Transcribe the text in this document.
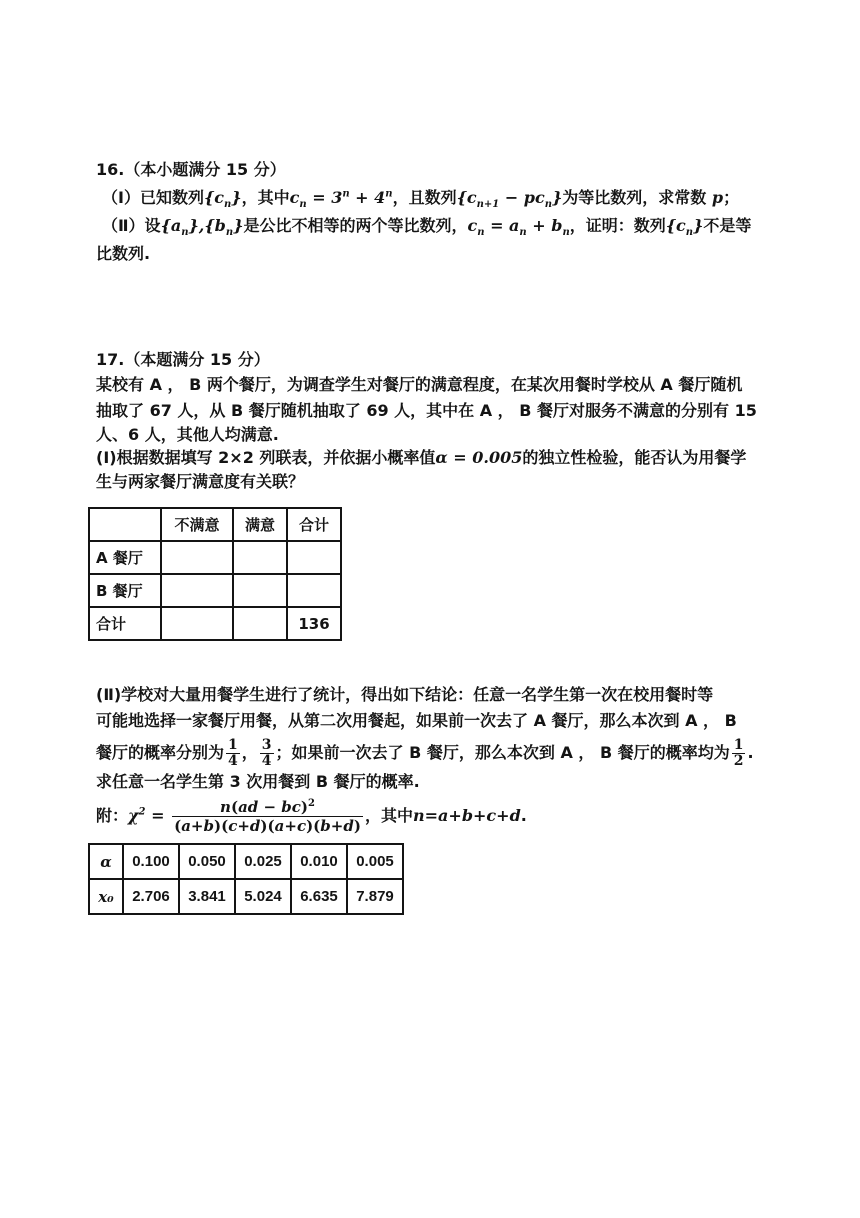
16.（本小题满分 15 分）
（Ⅰ）已知数列$\{c_n\}$，其中$c_n = 3^n + 4^n$，且数列$\{c_{n+1} - pc_n\}$为等比数列，求常数 p；
（Ⅱ）设$\{a_n\},\{b_n\}$是公比不相等的两个等比数列，$c_n = a_n + b_n$，证明：数列$\{c_n\}$不是等
比数列.
17.（本题满分 15 分）
某校有 A ， B 两个餐厅，为调查学生对餐厅的满意程度，在某次用餐时学校从 A 餐厅随机
抽取了 67 人，从 B 餐厅随机抽取了 69 人，其中在 A ， B 餐厅对服务不满意的分别有 15
人、6 人，其他人均满意.
(Ⅰ)根据数据填写 2×2 列联表，并依据小概率值α = 0.005的独立性检验，能否认为用餐学
生与两家餐厅满意度有关联？
	不满意	满意	合计
A 餐厅			
B 餐厅			
合计			136
(Ⅱ)学校对大量用餐学生进行了统计，得出如下结论：任意一名学生第一次在校用餐时等
可能地选择一家餐厅用餐，从第二次用餐起，如果前一次去了 A 餐厅，那么本次到 A ， B
餐厅的概率分别为 $\frac{1}{4}$ ， $\frac{3}{4}$ ；如果前一次去了 B 餐厅，那么本次到 A ， B 餐厅的概率均为 $\frac{1}{2}$ .
求任意一名学生第 3 次用餐到 B 餐厅的概率.
附：$\chi^2 = \frac{n(ad - bc)^2}{(a+b)(c+d)(a+c)(b+d)}$ ，其中n=a+b+c+d.
α	0.100	0.050	0.025	0.010	0.005
x₀	2.706	3.841	5.024	6.635	7.879
